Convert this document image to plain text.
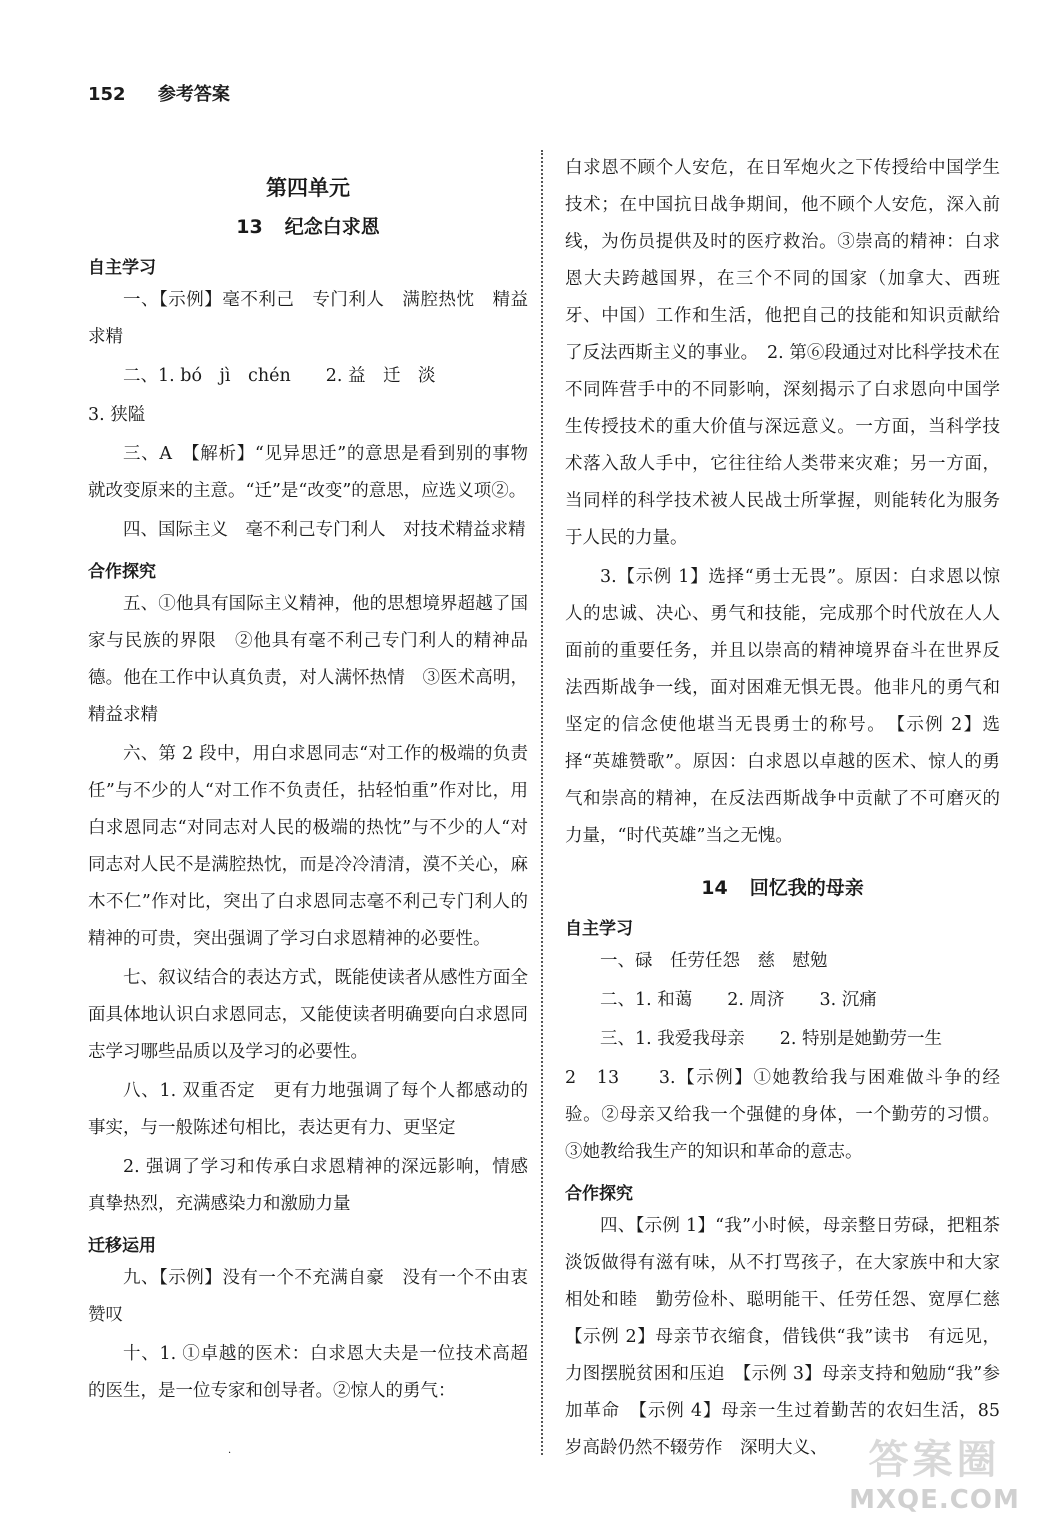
152 参考答案
第四单元
13 纪念白求恩
自主学习

一、【示例】毫不利己　专门利人　满腔热忱　精益求精

二、1. bó　jì　chén　　2. 益　迁　淡

3. 狭隘

三、A　【解析】“见异思迁”的意思是看到别的事物就改变原来的主意。“迁”是“改变”的意思，应选义项②。

四、国际主义　毫不利己专门利人　对技术精益求精

合作探究

五、①他具有国际主义精神，他的思想境界超越了国家与民族的界限　②他具有毫不利己专门利人的精神品德。他在工作中认真负责，对人满怀热情　③医术高明，精益求精

六、第 2 段中，用白求恩同志“对工作的极端的负责任”与不少的人“对工作不负责任，拈轻怕重”作对比，用白求恩同志“对同志对人民的极端的热忱”与不少的人“对同志对人民不是满腔热忱，而是冷冷清清，漠不关心，麻木不仁”作对比，突出了白求恩同志毫不利己专门利人的精神的可贵，突出强调了学习白求恩精神的必要性。

七、叙议结合的表达方式，既能使读者从感性方面全面具体地认识白求恩同志，又能使读者明确要向白求恩同志学习哪些品质以及学习的必要性。

八、1. 双重否定　更有力地强调了每个人都感动的事实，与一般陈述句相比，表达更有力、更坚定

2. 强调了学习和传承白求恩精神的深远影响，情感真挚热烈，充满感染力和激励力量

迁移运用

九、【示例】没有一个不充满自豪　没有一个不由衷赞叹

十、1. ①卓越的医术：白求恩大夫是一位技术高超的医生，是一位专家和创导者。②惊人的勇气：

白求恩不顾个人安危，在日军炮火之下传授给中国学生技术；在中国抗日战争期间，他不顾个人安危，深入前线，为伤员提供及时的医疗救治。③崇高的精神：白求恩大夫跨越国界，在三个不同的国家（加拿大、西班牙、中国）工作和生活，他把自己的技能和知识贡献给了反法西斯主义的事业。　2. 第⑥段通过对比科学技术在不同阵营手中的不同影响，深刻揭示了白求恩向中国学生传授技术的重大价值与深远意义。一方面，当科学技术落入敌人手中，它往往给人类带来灾难；另一方面，当同样的科学技术被人民战士所掌握，则能转化为服务于人民的力量。

3.【示例 1】选择“勇士无畏”。原因：白求恩以惊人的忠诚、决心、勇气和技能，完成那个时代放在人人面前的重要任务，并且以崇高的精神境界奋斗在世界反法西斯战争一线，面对困难无惧无畏。他非凡的勇气和坚定的信念使他堪当无畏勇士的称号。　【示例 2】选择“英雄赞歌”。原因：白求恩以卓越的医术、惊人的勇气和崇高的精神，在反法西斯战争中贡献了不可磨灭的力量，“时代英雄”当之无愧。

14 回忆我的母亲
自主学习

一、碌　任劳任怨　慈　慰勉

二、1. 和蔼　　2. 周济　　3. 沉痛

三、1. 我爱我母亲　　2. 特别是她勤劳一生

2　13　　3.【示例】①她教给我与困难做斗争的经验。②母亲又给我一个强健的身体，一个勤劳的习惯。③她教给我生产的知识和革命的意志。

合作探究

四、【示例 1】“我”小时候，母亲整日劳碌，把粗茶淡饭做得有滋有味，从不打骂孩子，在大家族中和大家相处和睦　勤劳俭朴、聪明能干、任劳任怨、宽厚仁慈　【示例 2】母亲节衣缩食，借钱供“我”读书　有远见，力图摆脱贫困和压迫　【示例 3】母亲支持和勉励“我”参加革命　【示例 4】母亲一生过着勤苦的农妇生活，85 岁高龄仍然不辍劳作　深明大义、

·	答案圈
MXQE.COM
